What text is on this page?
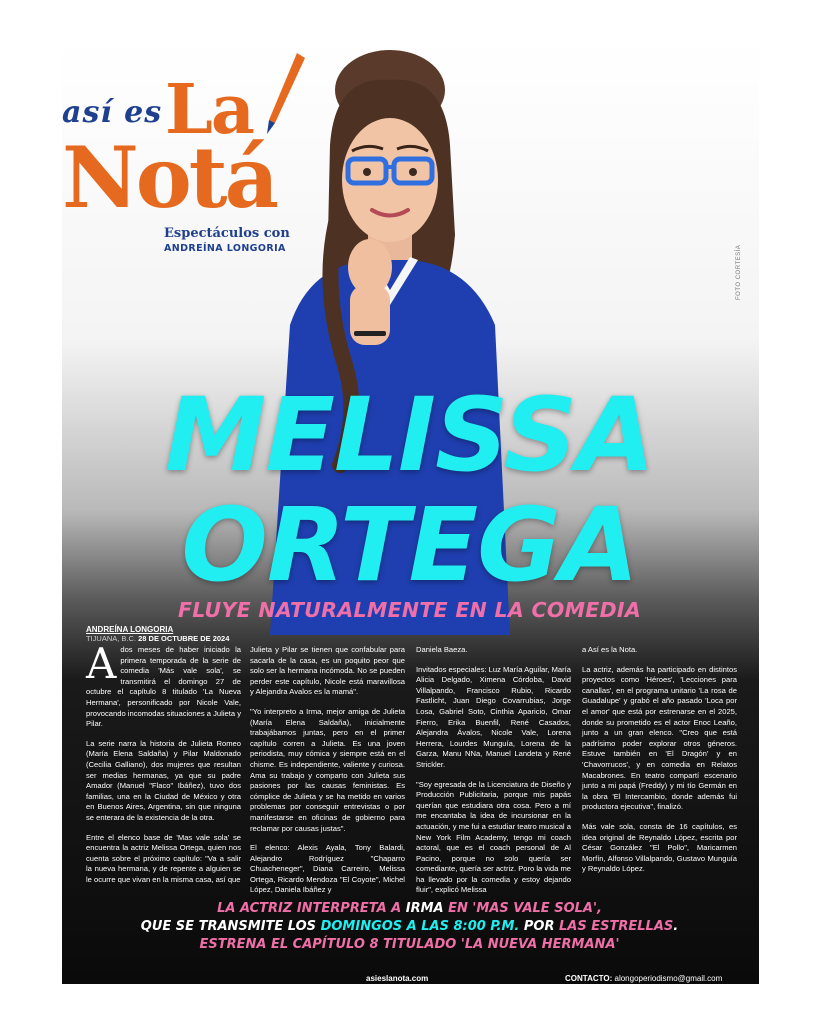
así es La
Notá
Espectáculos con
ANDREÍNA LONGORIA	FOTO CORTESÍA
MELISSA
ORTEGA
FLUYE NATURALMENTE EN LA COMEDIA
ANDREÍNA LONGORIA
TIJUANA, B.C. 28 DE OCTUBRE DE 2024

Ados meses de haber iniciado la primera temporada de la serie de comedia 'Más vale sola', se transmitirá el domingo 27 de octubre el capítulo 8 titulado 'La Nueva Hermana', personificado por Nicole Vale, provocando incomodas situaciones a Julieta y Pilar.

La serie narra la historia de Julieta Romeo (María Elena Saldaña) y Pilar Maldonado (Cecilia Galliano), dos mujeres que resultan ser medias hermanas, ya que su padre Amador (Manuel "Flaco" Ibáñez), tuvo dos familias, una en la Ciudad de México y otra en Buenos Aires, Argentina, sin que ninguna se enterara de la existencia de la otra.

Entre el elenco base de 'Mas vale sola' se encuentra la actriz Melissa Ortega, quien nos cuenta sobre el próximo capítulo: "Va a salir la nueva hermana, y de repente a alguien se le ocurre que vivan en la misma casa, así que

Julieta y Pilar se tienen que confabular para sacarla de la casa, es un poquito peor que solo ser la hermana incómoda. No se pueden perder este capítulo, Nicole está maravillosa y Alejandra Avalos es la mamá".

"Yo interpreto a Irma, mejor amiga de Julieta (María Elena Saldaña), inicialmente trabajábamos juntas, pero en el primer capítulo corren a Julieta. Es una joven periodista, muy cómica y siempre está en el chisme. Es independiente, valiente y curiosa. Ama su trabajo y comparto con Julieta sus pasiones por las causas feministas. Es cómplice de Julieta y se ha metido en varios problemas por conseguir entrevistas o por manifestarse en oficinas de gobierno para reclamar por causas justas".

El elenco: Alexis Ayala, Tony Balardi, Alejandro Rodríguez "Chaparro Chuacheneger", Diana Carreiro, Melissa Ortega, Ricardo Mendoza "El Coyote", Michel López, Daniela Ibáñez y

Daniela Baeza.

Invitados especiales: Luz María Aguilar, María Alicia Delgado, Ximena Córdoba, David Villalpando, Francisco Rubio, Ricardo Fastlicht, Juan Diego Covarrubias, Jorge Losa, Gabriel Soto, Cinthia Aparicio, Omar Fierro, Erika Buenfil, René Casados, Alejandra Ávalos, Nicole Vale, Lorena Herrera, Lourdes Munguía, Lorena de la Garza, Manu NNa, Manuel Landeta y René Strickler.

"Soy egresada de la Licenciatura de Diseño y Producción Publicitaria, porque mis papás querían que estudiara otra cosa. Pero a mí me encantaba la idea de incursionar en la actuación, y me fui a estudiar teatro musical a New York Film Academy, tengo mi coach actoral, que es el coach personal de Al Pacino, porque no solo quería ser comediante, quería ser actriz. Poro la vida me ha llevado por la comedia y estoy dejando fluir", explicó Melissa

a Así es la Nota.

La actriz, además ha participado en distintos proyectos como 'Héroes', 'Lecciones para canallas', en el programa unitario 'La rosa de Guadalupe' y grabó el año pasado 'Loca por el amor' que está por estrenarse en el 2025, donde su prometido es el actor Enoc Leaño, junto a un gran elenco. "Creo que está padrísimo poder explorar otros géneros. Estuve también en 'El Dragón' y en 'Chavorrucos', y en comedia en Relatos Macabrones. En teatro compartí escenario junto a mi papá (Freddy) y mi tío Germán en la obra 'El Intercambio, donde además fui productora ejecutiva", finalizó.

Más vale sola, consta de 16 capítulos, es idea original de Reynaldo López, escrita por César González "El Pollo", Maricarmen Morfín, Alfonso Villalpando, Gustavo Munguía y Reynaldo López.

LA ACTRIZ INTERPRETA A IRMA EN 'MAS VALE SOLA',
QUE SE TRANSMITE LOS DOMINGOS A LAS 8:00 P.M. POR LAS ESTRELLAS.
ESTRENA EL CAPÍTULO 8 TITULADO 'LA NUEVA HERMANA'
asieslanota.com	CONTACTO: alongoperiodismo@gmail.com
